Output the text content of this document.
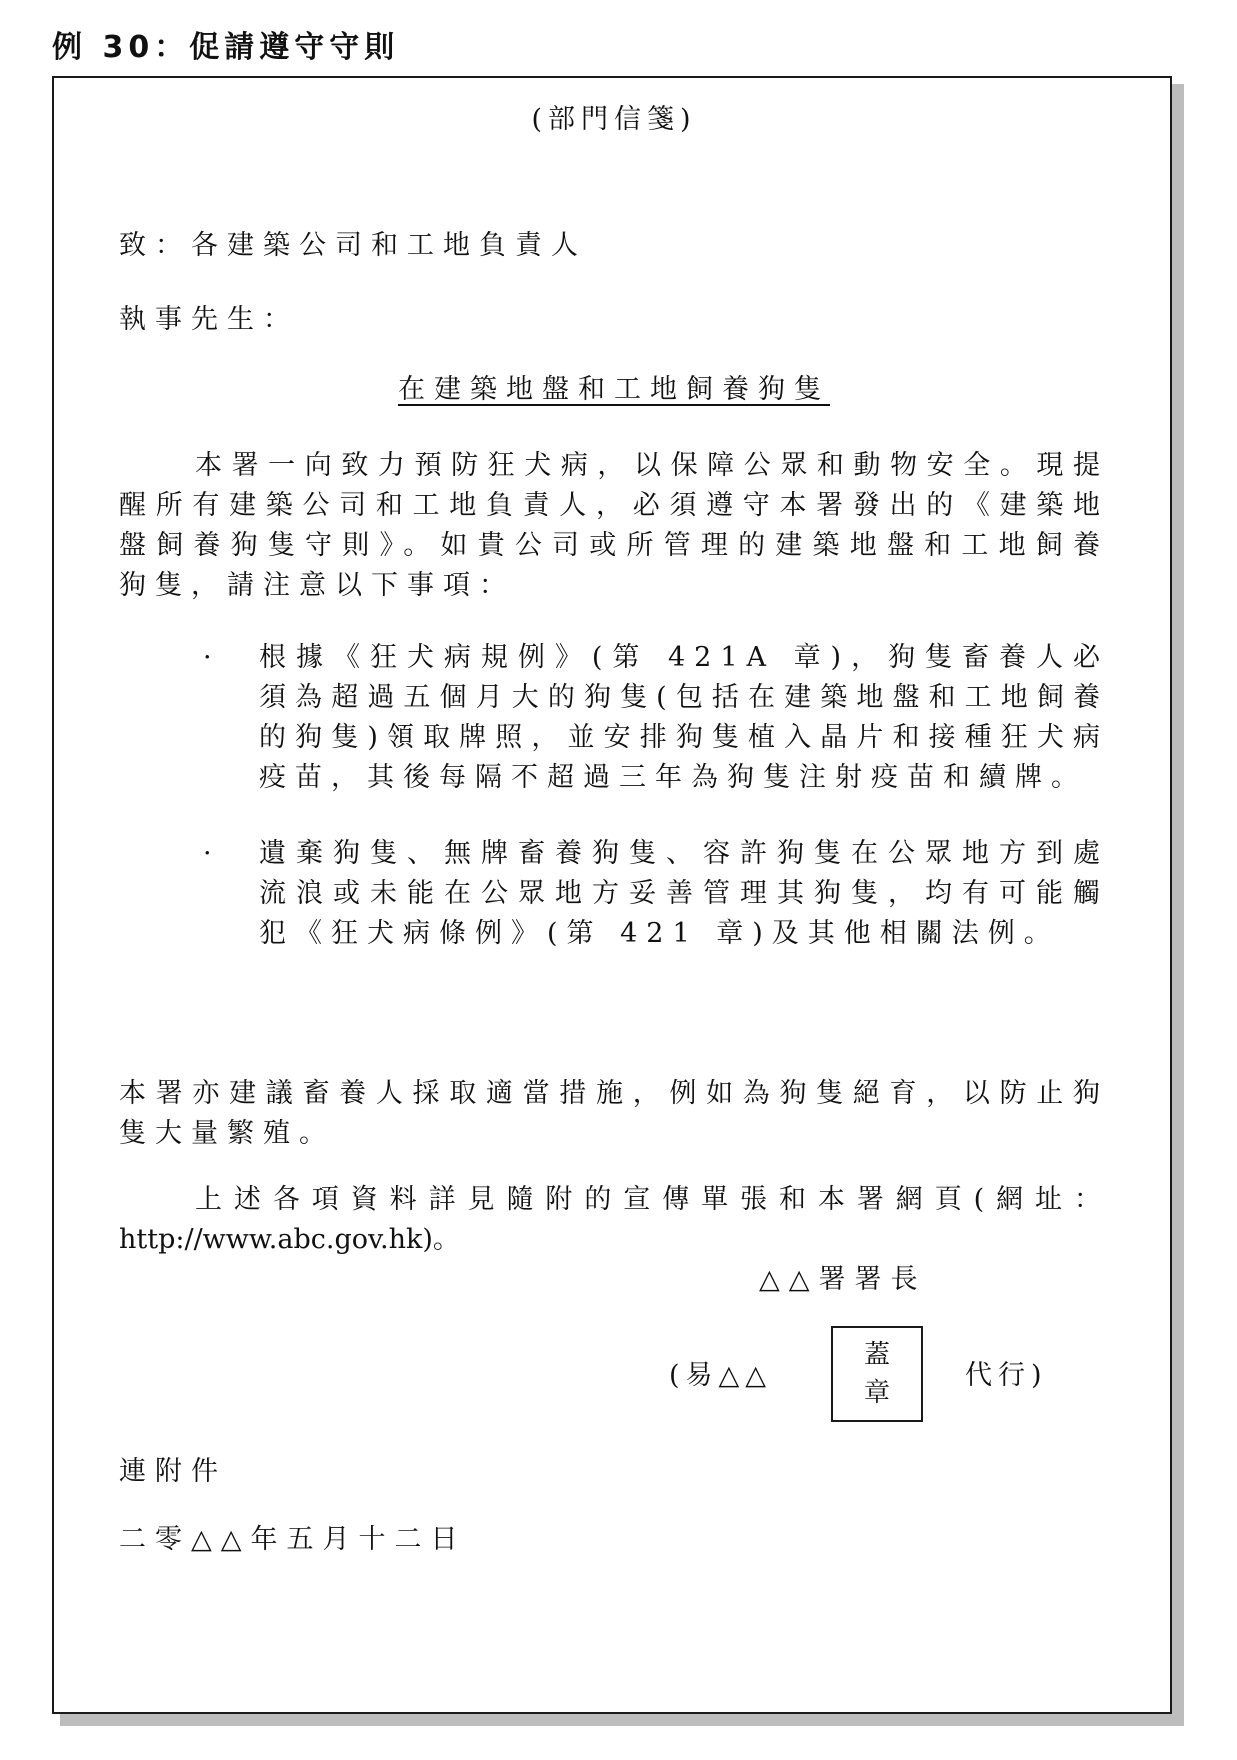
例 30：促請遵守守則
(部門信箋)
致：各建築公司和工地負責人
執事先生：
在建築地盤和工地飼養狗隻
本署一向致力預防狂犬病，以保障公眾和動物安全。現提醒所有建築公司和工地負責人，必須遵守本署發出的《建築地盤飼養狗隻守則》。如貴公司或所管理的建築地盤和工地飼養狗隻，請注意以下事項：
· 根據《狂犬病規例》(第 421A 章)，狗隻畜養人必須為超過五個月大的狗隻(包括在建築地盤和工地飼養的狗隻)領取牌照，並安排狗隻植入晶片和接種狂犬病疫苗，其後每隔不超過三年為狗隻注射疫苗和續牌。
· 遺棄狗隻、無牌畜養狗隻、容許狗隻在公眾地方到處流浪或未能在公眾地方妥善管理其狗隻，均有可能觸犯《狂犬病條例》(第 421 章)及其他相關法例。
本署亦建議畜養人採取適當措施，例如為狗隻絕育，以防止狗隻大量繁殖。
上述各項資料詳見隨附的宣傳單張和本署網頁(網址：http://www.abc.gov.hk)。
△△署署長
(易△△
蓋
章
代行)
連附件
二零△△年五月十二日
